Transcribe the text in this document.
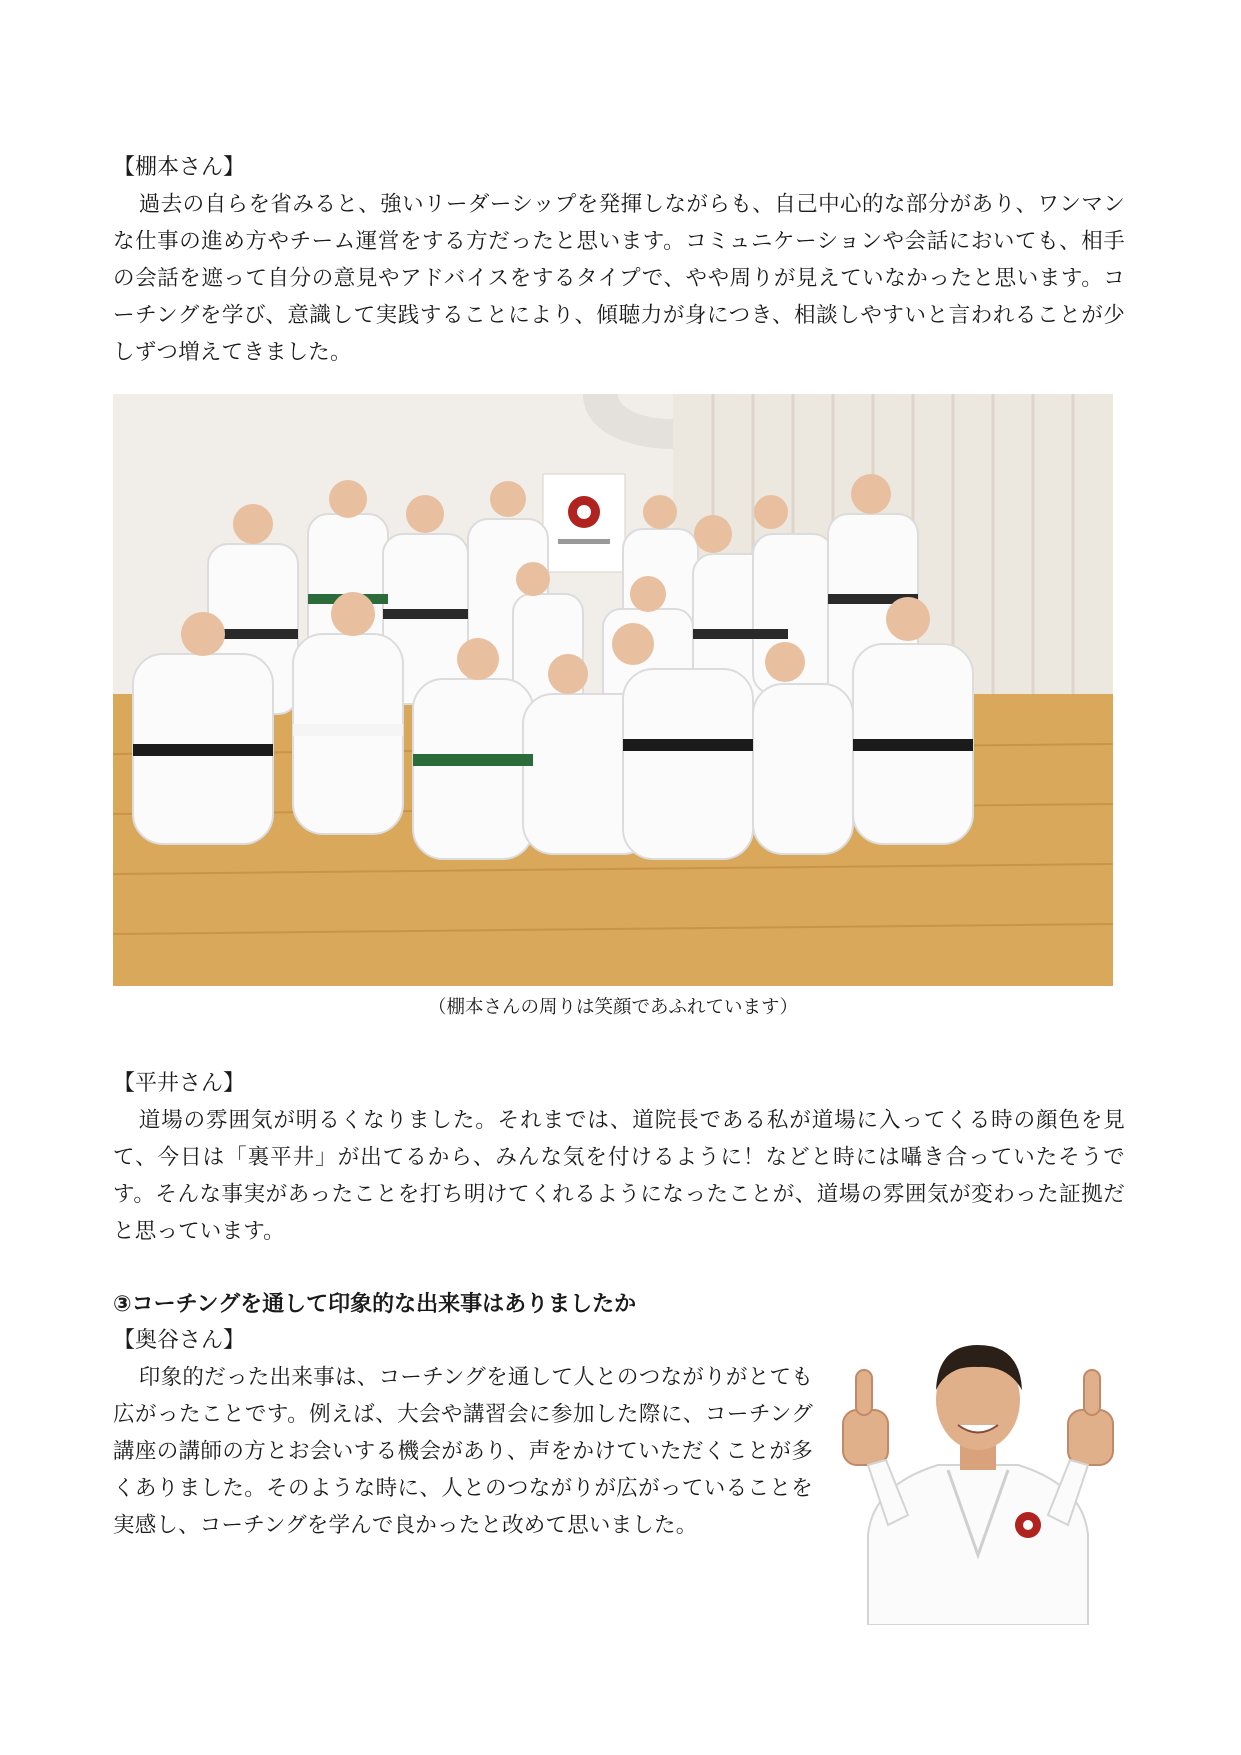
【棚本さん】

過去の自らを省みると、強いリーダーシップを発揮しながらも、自己中心的な部分があり、ワンマンな仕事の進め方やチーム運営をする方だったと思います。コミュニケーションや会話においても、相手の会話を遮って自分の意見やアドバイスをするタイプで、やや周りが見えていなかったと思います。コーチングを学び、意識して実践することにより、傾聴力が身につき、相談しやすいと言われることが少しずつ増えてきました。

（棚本さんの周りは笑顔であふれています）

【平井さん】

道場の雰囲気が明るくなりました。それまでは、道院長である私が道場に入ってくる時の顔色を見て、今日は「裏平井」が出てるから、みんな気を付けるように！などと時には囁き合っていたそうです。そんな事実があったことを打ち明けてくれるようになったことが、道場の雰囲気が変わった証拠だと思っています。

③コーチングを通して印象的な出来事はありましたか

【奥谷さん】

印象的だった出来事は、コーチングを通して人とのつながりがとても広がったことです。例えば、大会や講習会に参加した際に、コーチング講座の講師の方とお会いする機会があり、声をかけていただくことが多くありました。そのような時に、人とのつながりが広がっていることを実感し、コーチングを学んで良かったと改めて思いました。
